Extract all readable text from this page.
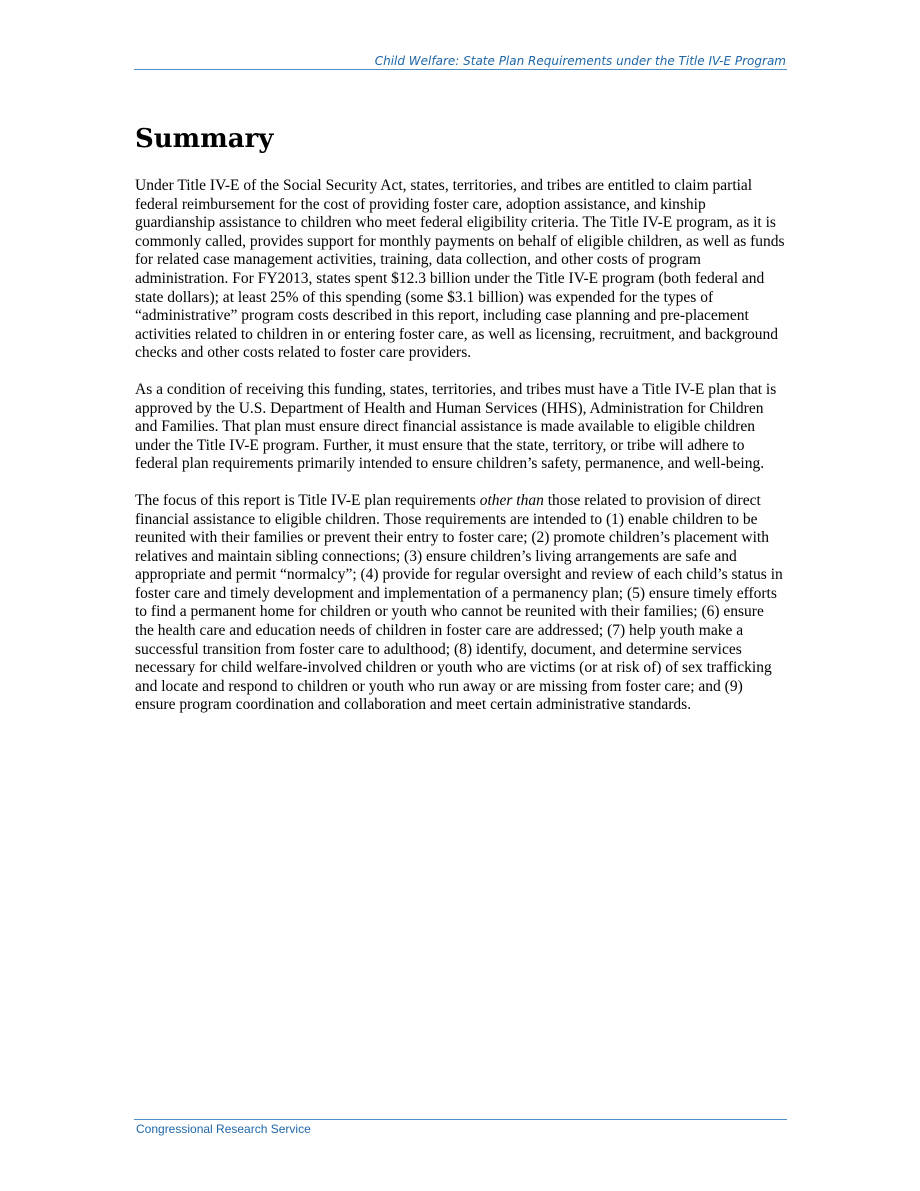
Child Welfare: State Plan Requirements under the Title IV-E Program
Summary

Under Title IV-E of the Social Security Act, states, territories, and tribes are entitled to claim partial federal reimbursement for the cost of providing foster care, adoption assistance, and kinship guardianship assistance to children who meet federal eligibility criteria. The Title IV-E program, as it is commonly called, provides support for monthly payments on behalf of eligible children, as well as funds for related case management activities, training, data collection, and other costs of program administration. For FY2013, states spent $12.3 billion under the Title IV-E program (both federal and state dollars); at least 25% of this spending (some $3.1 billion) was expended for the types of “administrative” program costs described in this report, including case planning and pre-placement activities related to children in or entering foster care, as well as licensing, recruitment, and background checks and other costs related to foster care providers.

As a condition of receiving this funding, states, territories, and tribes must have a Title IV-E plan that is approved by the U.S. Department of Health and Human Services (HHS), Administration for Children and Families. That plan must ensure direct financial assistance is made available to eligible children under the Title IV-E program. Further, it must ensure that the state, territory, or tribe will adhere to federal plan requirements primarily intended to ensure children’s safety, permanence, and well-being.

The focus of this report is Title IV-E plan requirements other than those related to provision of direct financial assistance to eligible children. Those requirements are intended to (1) enable children to be reunited with their families or prevent their entry to foster care; (2) promote children’s placement with relatives and maintain sibling connections; (3) ensure children’s living arrangements are safe and appropriate and permit “normalcy”; (4) provide for regular oversight and review of each child’s status in foster care and timely development and implementation of a permanency plan; (5) ensure timely efforts to find a permanent home for children or youth who cannot be reunited with their families; (6) ensure the health care and education needs of children in foster care are addressed; (7) help youth make a successful transition from foster care to adulthood; (8) identify, document, and determine services necessary for child welfare-involved children or youth who are victims (or at risk of) of sex trafficking and locate and respond to children or youth who run away or are missing from foster care; and (9) ensure program coordination and collaboration and meet certain administrative standards.

Congressional Research Service
